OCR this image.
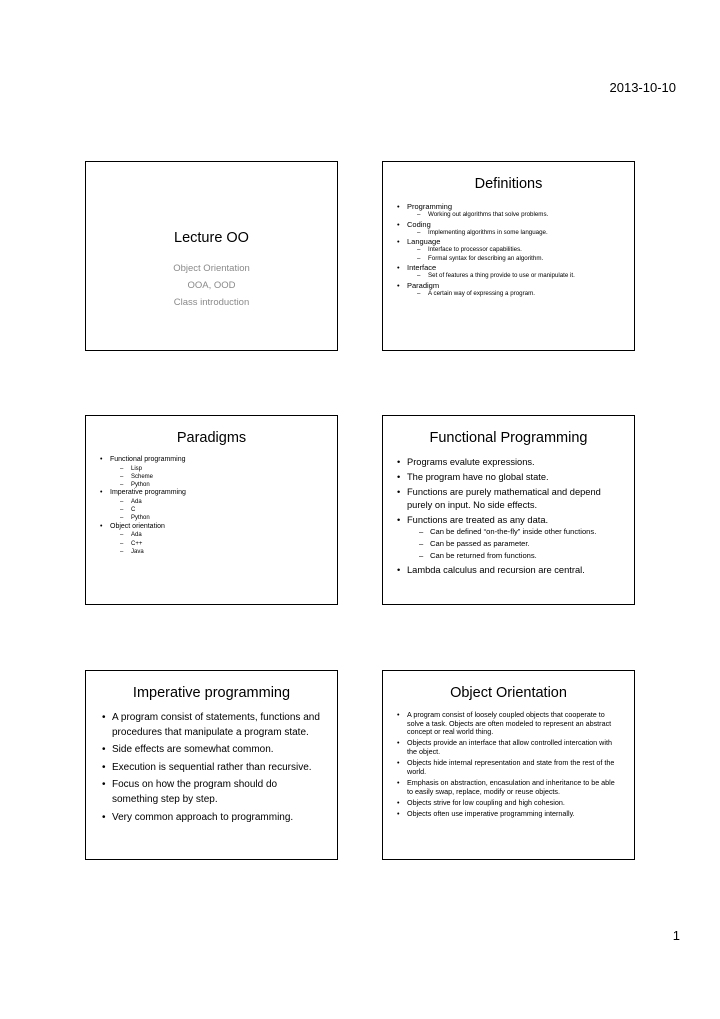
2013-10-10
Lecture OO
Object Orientation
OOA, OOD
Class introduction
Definitions
• Programming
– Working out algorithms that solve problems.
• Coding
– Implementing algorithms in some language.
• Language
– Interface to processor capabilities.
– Formal syntax for describing an algorithm.
• Interface
– Set of features a thing provide to use or manipulate it.
• Paradigm
– A certain way of expressing a program.
Paradigms
• Functional programming
– Lisp
– Scheme
– Python
• Imperative programming
– Ada
– C
– Python
• Object orientation
– Ada
– C++
– Java
Functional Programming
• Programs evalute expressions.
• The program have no global state.
• Functions are purely mathematical and depend purely on input. No side effects.
• Functions are treated as any data.
– Can be defined “on-the-fly” inside other functions.
– Can be passed as parameter.
– Can be returned from functions.
• Lambda calculus and recursion are central.
Imperative programming
• A program consist of statements, functions and procedures that manipulate a program state.
• Side effects are somewhat common.
• Execution is sequential rather than recursive.
• Focus on how the program should do something step by step.
• Very common approach to programming.
Object Orientation
• A program consist of loosely coupled objects that cooperate to solve a task. Objects are often modeled to represent an abstract concept or real world thing.
• Objects provide an interface that allow controlled intercation with the object.
• Objects hide internal representation and state from the rest of the world.
• Emphasis on abstraction, encasulation and inheritance to be able to easily swap, replace, modify or reuse objects.
• Objects strive for low coupling and high cohesion.
• Objects often use imperative programming internally.
1
